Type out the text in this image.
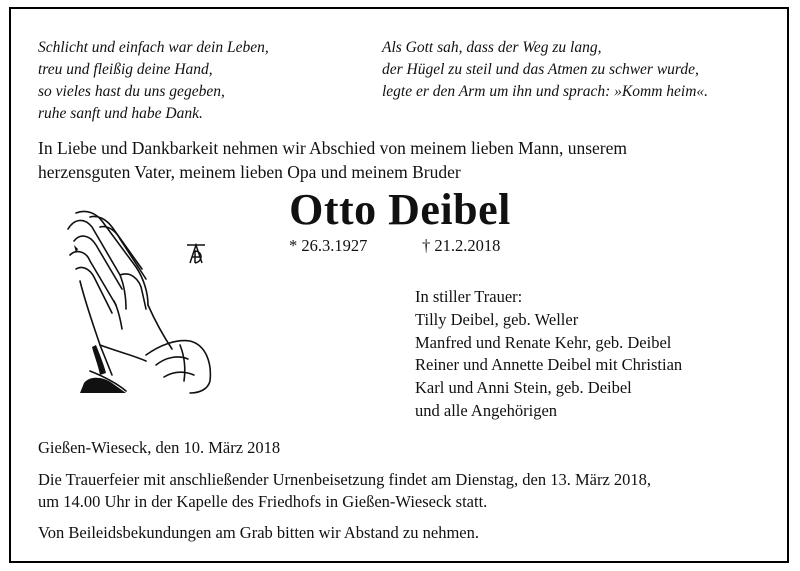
Schlicht und einfach war dein Leben,
treu und fleißig deine Hand,
so vieles hast du uns gegeben,
ruhe sanft und habe Dank.
Als Gott sah, dass der Weg zu lang,
der Hügel zu steil und das Atmen zu schwer wurde,
legte er den Arm um ihn und sprach: »Komm heim«.
In Liebe und Dankbarkeit nehmen wir Abschied von meinem lieben Mann, unserem
herzensguten Vater, meinem lieben Opa und meinem Bruder
Otto Deibel
* 26.3.1927	† 21.2.2018
In stiller Trauer:
Tilly Deibel, geb. Weller
Manfred und Renate Kehr, geb. Deibel
Reiner und Annette Deibel mit Christian
Karl und Anni Stein, geb. Deibel
und alle Angehörigen
Gießen-Wieseck, den 10. März 2018
Die Trauerfeier mit anschließender Urnenbeisetzung findet am Dienstag, den 13. März 2018,
um 14.00 Uhr in der Kapelle des Friedhofs in Gießen-Wieseck statt.
Von Beileidsbekundungen am Grab bitten wir Abstand zu nehmen.
